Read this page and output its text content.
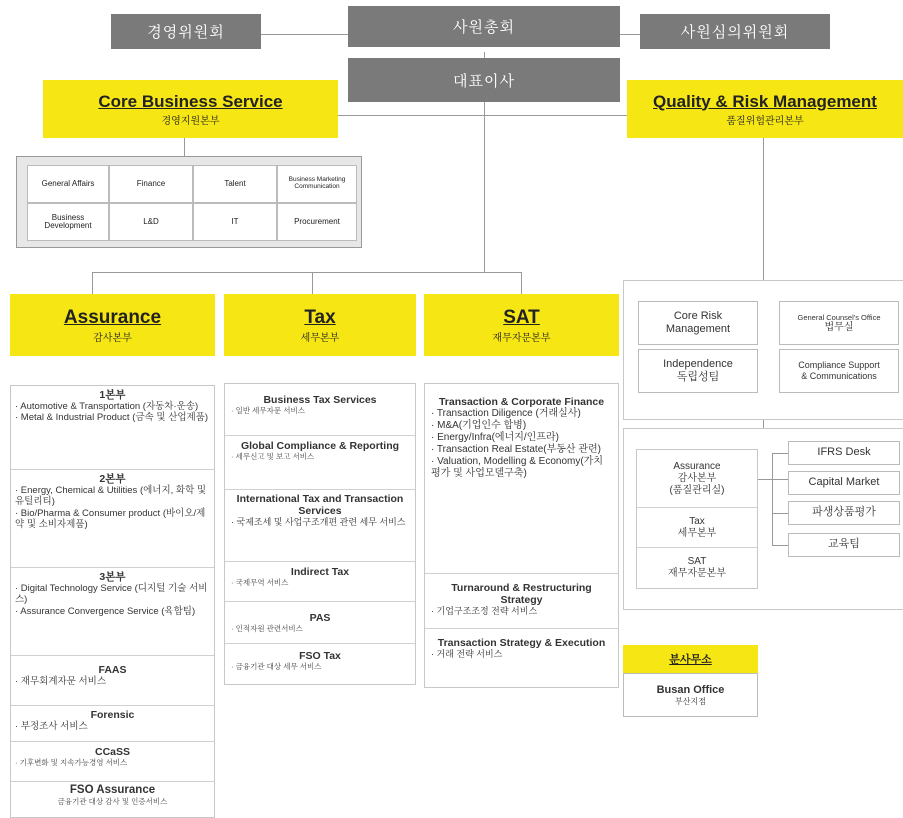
경영위원회	사원총회	사원심의위원회
대표이사
Core Business Service
경영지원본부
General Affairs	Finance	Talent	Business Marketing Communication
Business Development	L&D	IT	Procurement
Quality & Risk Management
품질위험관리본부
Core Risk
Management
General Counsel's Office
법무실
Independence
독립성팀
Compliance Support
& Communications
Assurance
감사본부
(품질관리실)
Tax
세무본부
SAT
재무자문본부
IFRS Desk
Capital Market
파생상품평가
교육팀
Assurance
감사본부
Tax
세무본부
SAT
재무자문본부
1본부
· Automotive & Transportation (자동차·운송)
· Metal & Industrial Product (금속 및 산업제품)
2본부
· Energy, Chemical & Utilities (에너지, 화학 및 유틸리티)
· Bio/Pharma & Consumer product (바이오/제약 및 소비자제품)
3본부
· Digital Technology Service (디지털 기술 서비스)
· Assurance Convergence Service (육합팀)
FAAS
· 재무회계자문 서비스
Forensic
· 부정조사 서비스
CCaSS
· 기후변화 및 지속가능경영 서비스
FSO Assurance
금융기관 대상 감사 및 인증서비스
Business Tax Services
· 일반 세무자문 서비스
Global Compliance & Reporting
· 세무신고 및 보고 서비스
International Tax and Transaction Services
· 국제조세 및 사업구조개편 관련 세무 서비스
Indirect Tax
· 국제무역 서비스
PAS
· 인적자원 관련서비스
FSO Tax
· 금융기관 대상 세무 서비스
Transaction & Corporate Finance
· Transaction Diligence (거래실사)
· M&A(기업인수 합병)
· Energy/Infra(에너지/인프라)
· Transaction Real Estate(부동산 관련)
· Valuation, Modelling & Economy(가치평가 및 사업모델구축)
Turnaround & Restructuring Strategy
· 기업구조조정 전략 서비스
Transaction Strategy & Execution
· 거래 전략 서비스	분사무소
Busan Office
부산지점
